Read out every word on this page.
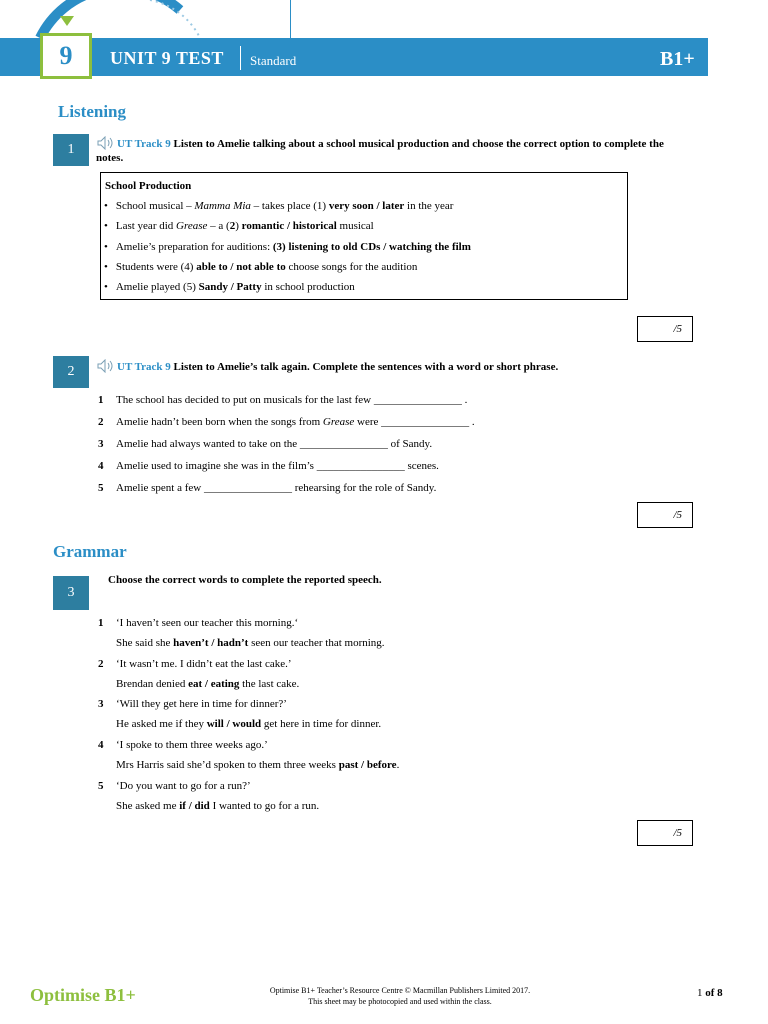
9	UNIT 9 TEST Standard	B1+
Listening
1	UT Track 9 Listen to Amelie talking about a school musical production and choose the correct option to complete the notes.
School Production
• School musical – Mamma Mia – takes place (1) very soon / later in the year
• Last year did Grease – a (2) romantic / historical musical
• Amelie’s preparation for auditions: (3) listening to old CDs / watching the film
• Students were (4) able to / not able to choose songs for the audition
• Amelie played (5) Sandy / Patty in school production
/5
2	UT Track 9 Listen to Amelie’s talk again. Complete the sentences with a word or short phrase.
1 The school has decided to put on musicals for the last few ________________ .
2 Amelie hadn’t been born when the songs from Grease were ________________ .
3 Amelie had always wanted to take on the ________________ of Sandy.
4 Amelie used to imagine she was in the film’s ________________ scenes.
5 Amelie spent a few ________________ rehearsing for the role of Sandy.
/5
Grammar
3
Choose the correct words to complete the reported speech.
1 ‘I haven’t seen our teacher this morning.‘
She said she haven’t / hadn’t seen our teacher that morning.
2 ‘It wasn’t me. I didn’t eat the last cake.’
Brendan denied eat / eating the last cake.
3 ‘Will they get here in time for dinner?’
He asked me if they will / would get here in time for dinner.
4 ‘I spoke to them three weeks ago.’
Mrs Harris said she’d spoken to them three weeks past / before.
5 ‘Do you want to go for a run?’
She asked me if / did I wanted to go for a run.
/5
Optimise B1+	Optimise B1+ Teacher’s Resource Centre © Macmillan Publishers Limited 2017.
This sheet may be photocopied and used within the class.
1 of 8
